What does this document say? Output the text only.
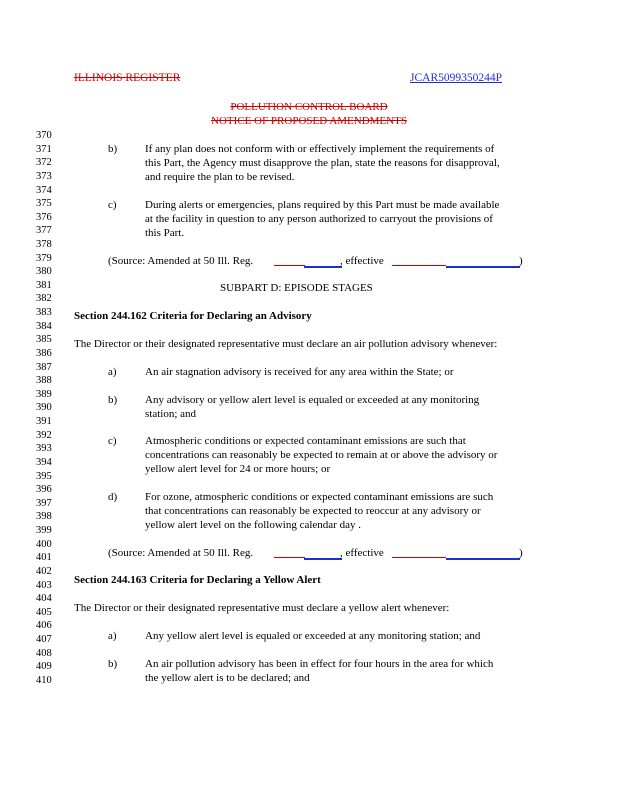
ILLINOIS REGISTER	JCAR5099350244P
POLLUTION CONTROL BOARD
NOTICE OF PROPOSED AMENDMENTS
370
371
372
373
374
375
376
377
378
379
380
381
382
383
384
385
386
387
388
389
390
391
392
393
394
395
396
397
398
399
400
401
402
403
404
405
406
407
408
409
410
b)	If any plan does not conform with or effectively implement the requirements of
this Part, the Agency must disapprove the plan, state the reasons for disapproval,
and require the plan to be revised.
c)	During alerts or emergencies, plans required by this Part must be made available
at the facility in question to any person authorized to carryout the provisions of
this Part.
(Source: Amended at 50 Ill. Reg.	, effective	)
SUBPART D: EPISODE STAGES
Section 244.162 Criteria for Declaring an Advisory
The Director or their designated representative must declare an air pollution advisory whenever:
a)	An air stagnation advisory is received for any area within the State; or
b)	Any advisory or yellow alert level is equaled or exceeded at any monitoring
station; and
c)	Atmospheric conditions or expected contaminant emissions are such that
concentrations can reasonably be expected to remain at or above the advisory or
yellow alert level for 24 or more hours; or
d)	For ozone, atmospheric conditions or expected contaminant emissions are such
that concentrations can reasonably be expected to reoccur at any advisory or
yellow alert level on the following calendar day .
(Source: Amended at 50 Ill. Reg.	, effective	)
Section 244.163 Criteria for Declaring a Yellow Alert
The Director or their designated representative must declare a yellow alert whenever:
a)	Any yellow alert level is equaled or exceeded at any monitoring station; and
b)	An air pollution advisory has been in effect for four hours in the area for which
the yellow alert is to be declared; and
